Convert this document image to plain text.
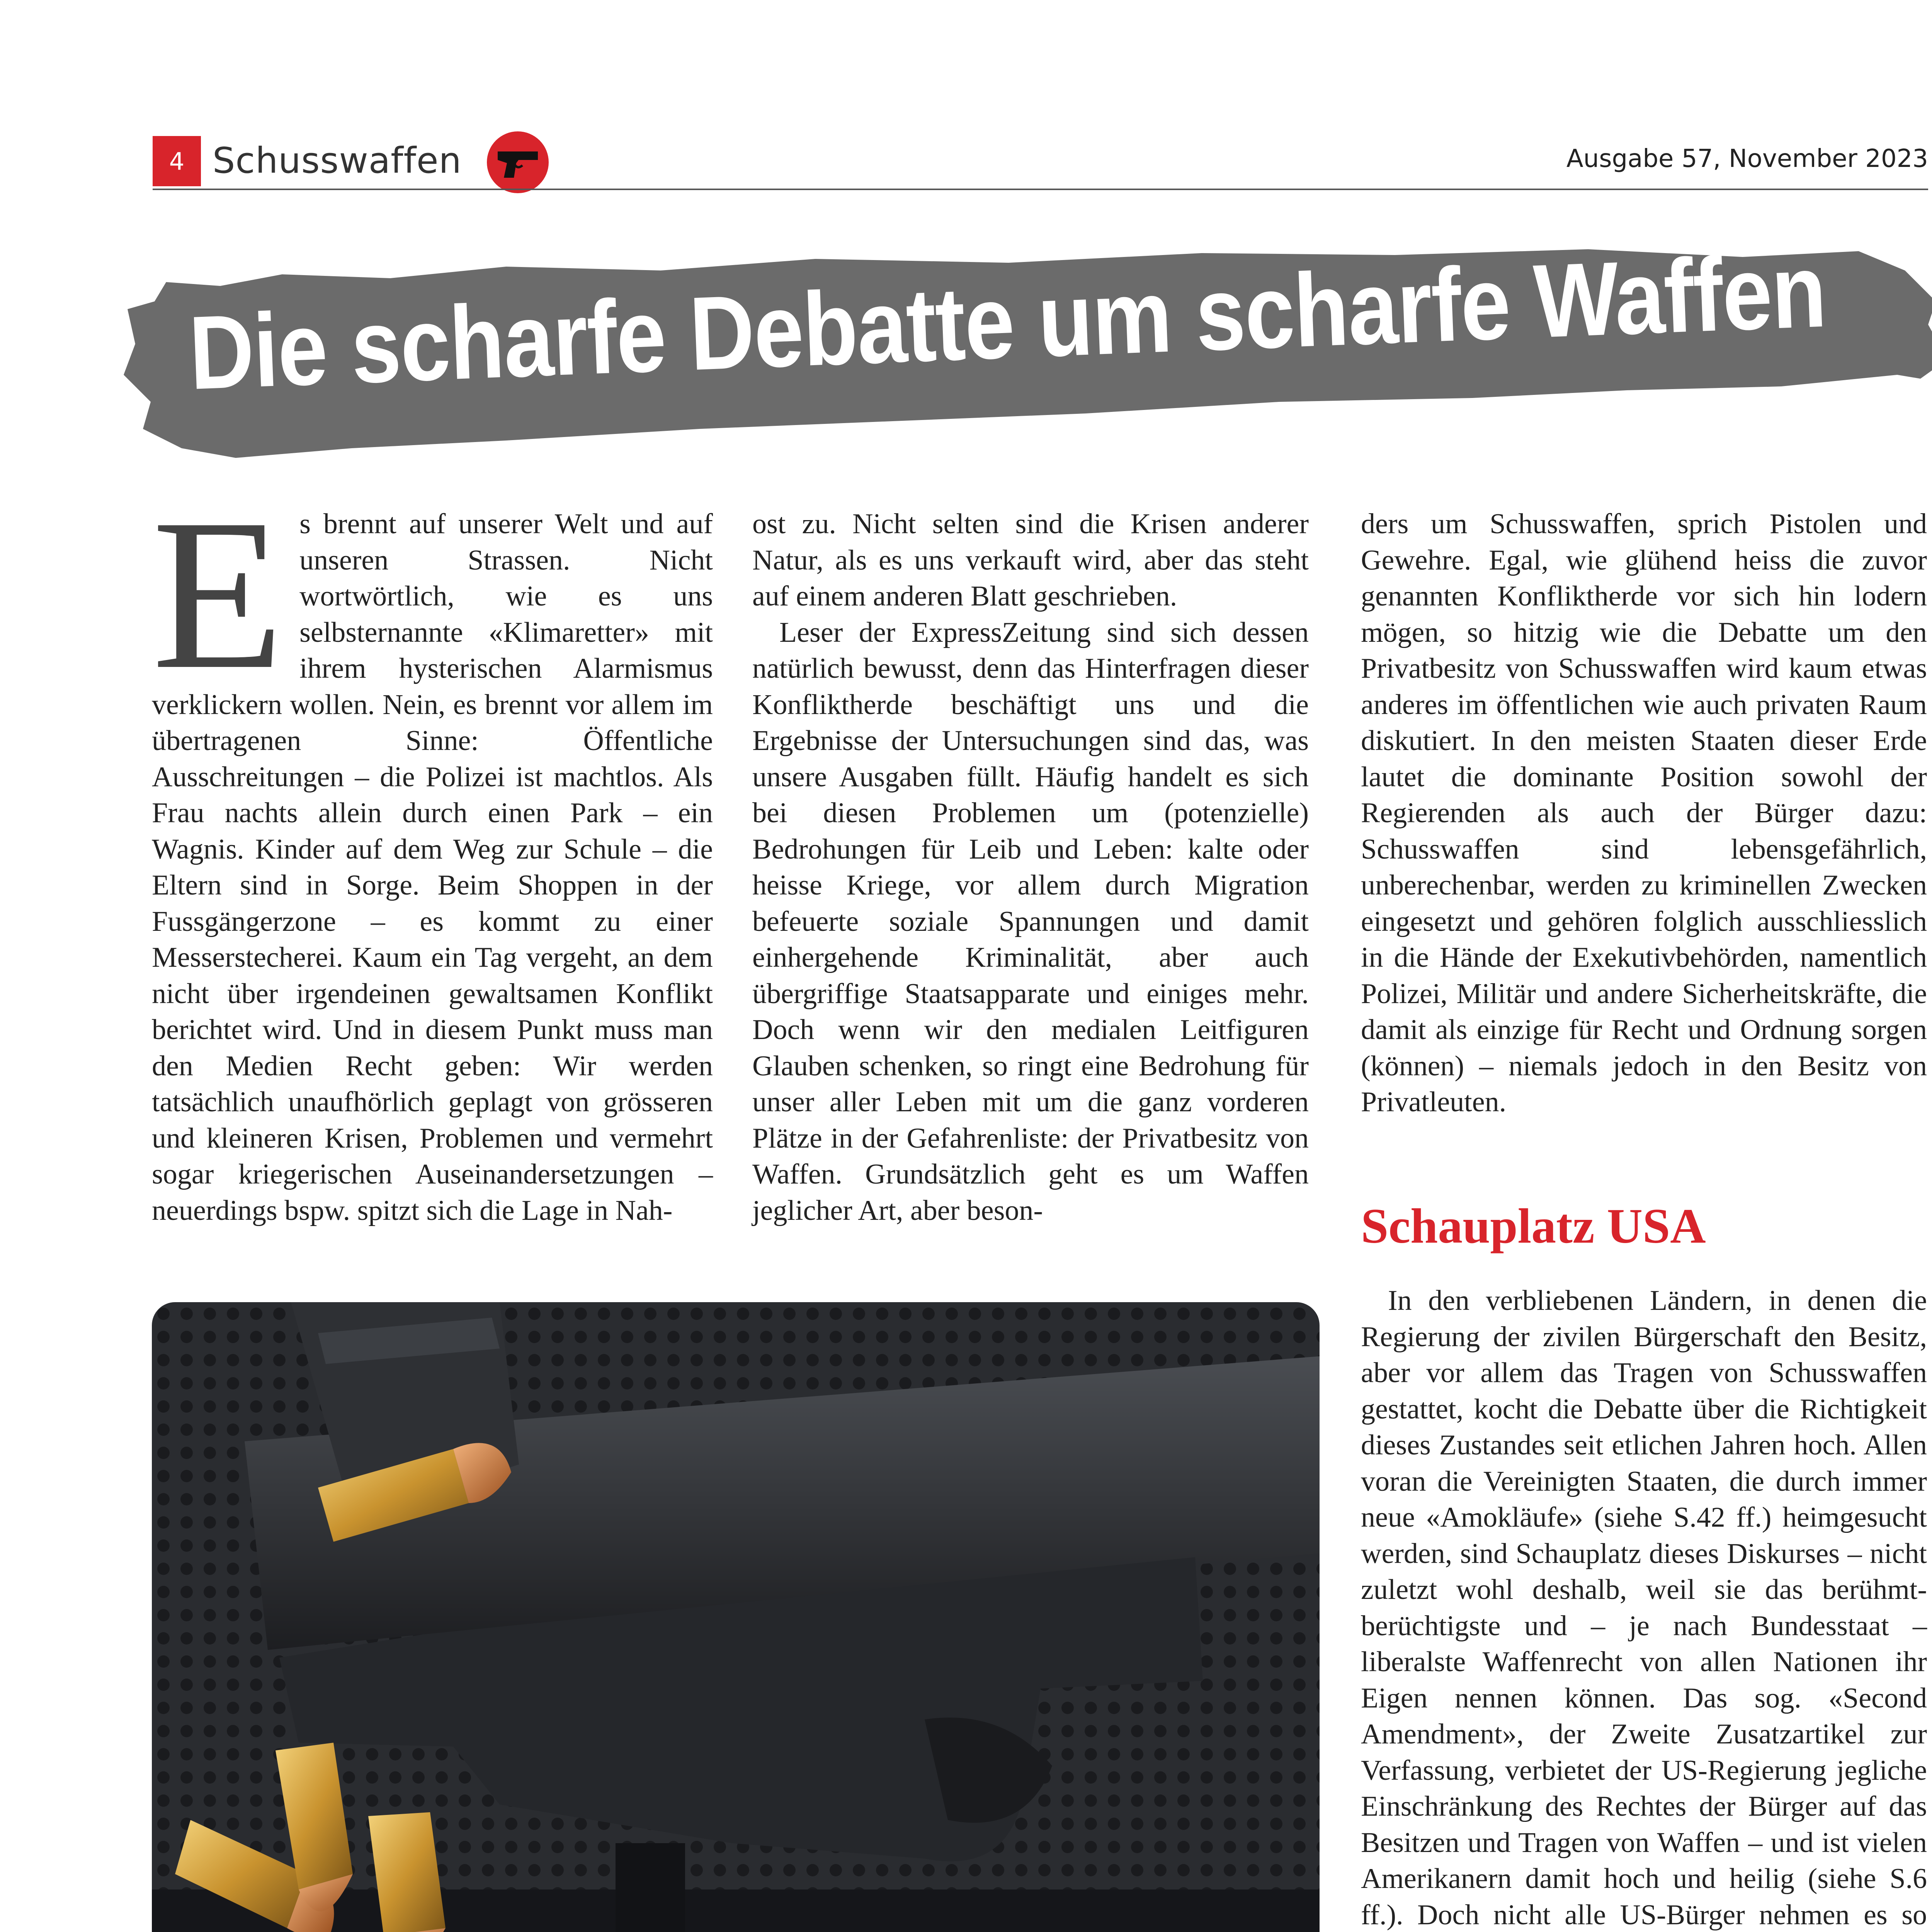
4 Schusswaffen	Ausgabe 57, November 2023
Die scharfe Debatte um scharfe Waffen
E s brennt auf unserer Welt und auf unseren Strassen. Nicht wortwörtlich, wie es uns selbsternannte «Klimaretter» mit ihrem hysterischen Alarmismus verklickern wollen. Nein, es brennt vor allem im übertragenen Sinne: Öffentliche Ausschreitungen – die Polizei ist machtlos. Als Frau nachts allein durch einen Park – ein Wagnis. Kinder auf dem Weg zur Schule – die Eltern sind in Sorge. Beim Shoppen in der Fussgängerzone – es kommt zu einer Messerstecherei. Kaum ein Tag vergeht, an dem nicht über irgendeinen gewaltsamen Konflikt berichtet wird. Und in diesem Punkt muss man den Medien Recht geben: Wir werden tatsächlich unaufhörlich geplagt von grösseren und kleineren Krisen, Problemen und vermehrt sogar kriegerischen Auseinandersetzungen – neuerdings bspw. spitzt sich die Lage in Nah-

ost zu. Nicht selten sind die Krisen anderer Natur, als es uns verkauft wird, aber das steht auf einem anderen Blatt geschrieben.

Leser der ExpressZeitung sind sich dessen natürlich bewusst, denn das Hinterfragen dieser Konfliktherde beschäftigt uns und die Ergebnisse der Untersuchungen sind das, was unsere Ausgaben füllt. Häufig handelt es sich bei diesen Problemen um (potenzielle) Bedrohungen für Leib und Leben: kalte oder heisse Kriege, vor allem durch Migration befeuerte soziale Spannungen und damit einhergehende Kriminalität, aber auch übergriffige Staatsapparate und einiges mehr. Doch wenn wir den medialen Leitfiguren Glauben schenken, so ringt eine Bedrohung für unser aller Leben mit um die ganz vorderen Plätze in der Gefahrenliste: der Privatbesitz von Waffen. Grundsätzlich geht es um Waffen jeglicher Art, aber beson-

ders um Schusswaffen, sprich Pistolen und Gewehre. Egal, wie glühend heiss die zuvor genannten Konfliktherde vor sich hin lodern mögen, so hitzig wie die Debatte um den Privatbesitz von Schusswaffen wird kaum etwas anderes im öffentlichen wie auch privaten Raum diskutiert. In den meisten Staaten dieser Erde lautet die dominante Position sowohl der Regierenden als auch der Bürger dazu: Schusswaffen sind lebensgefährlich, unberechenbar, werden zu kriminellen Zwecken eingesetzt und gehören folglich ausschliesslich in die Hände der Exekutivbehörden, namentlich Polizei, Militär und andere Sicherheitskräfte, die damit als einzige für Recht und Ordnung sorgen (können) – niemals jedoch in den Besitz von Privatleuten.

Schauplatz USA

In den verbliebenen Ländern, in denen die Regierung der zivilen Bürgerschaft den Besitz, aber vor allem das Tragen von Schusswaffen gestattet, kocht die Debatte über die Richtigkeit dieses Zustandes seit etlichen Jahren hoch. Allen voran die Vereinigten Staaten, die durch immer neue «Amokläufe» (siehe S.42 ff.) heimgesucht werden, sind Schauplatz dieses Diskurses – nicht zuletzt wohl deshalb, weil sie das berühmt-berüchtigste und – je nach Bundesstaat – liberalste Waffenrecht von allen Nationen ihr Eigen nennen können. Das sog. «Second Amendment», der Zweite Zusatzartikel zur Verfassung, verbietet der US-Regierung jegliche Einschränkung des Rechtes der Bürger auf das Besitzen und Tragen von Waffen – und ist vielen Amerikanern damit hoch und heilig (siehe S.6 ff.). Doch nicht alle US-Bürger nehmen es so
